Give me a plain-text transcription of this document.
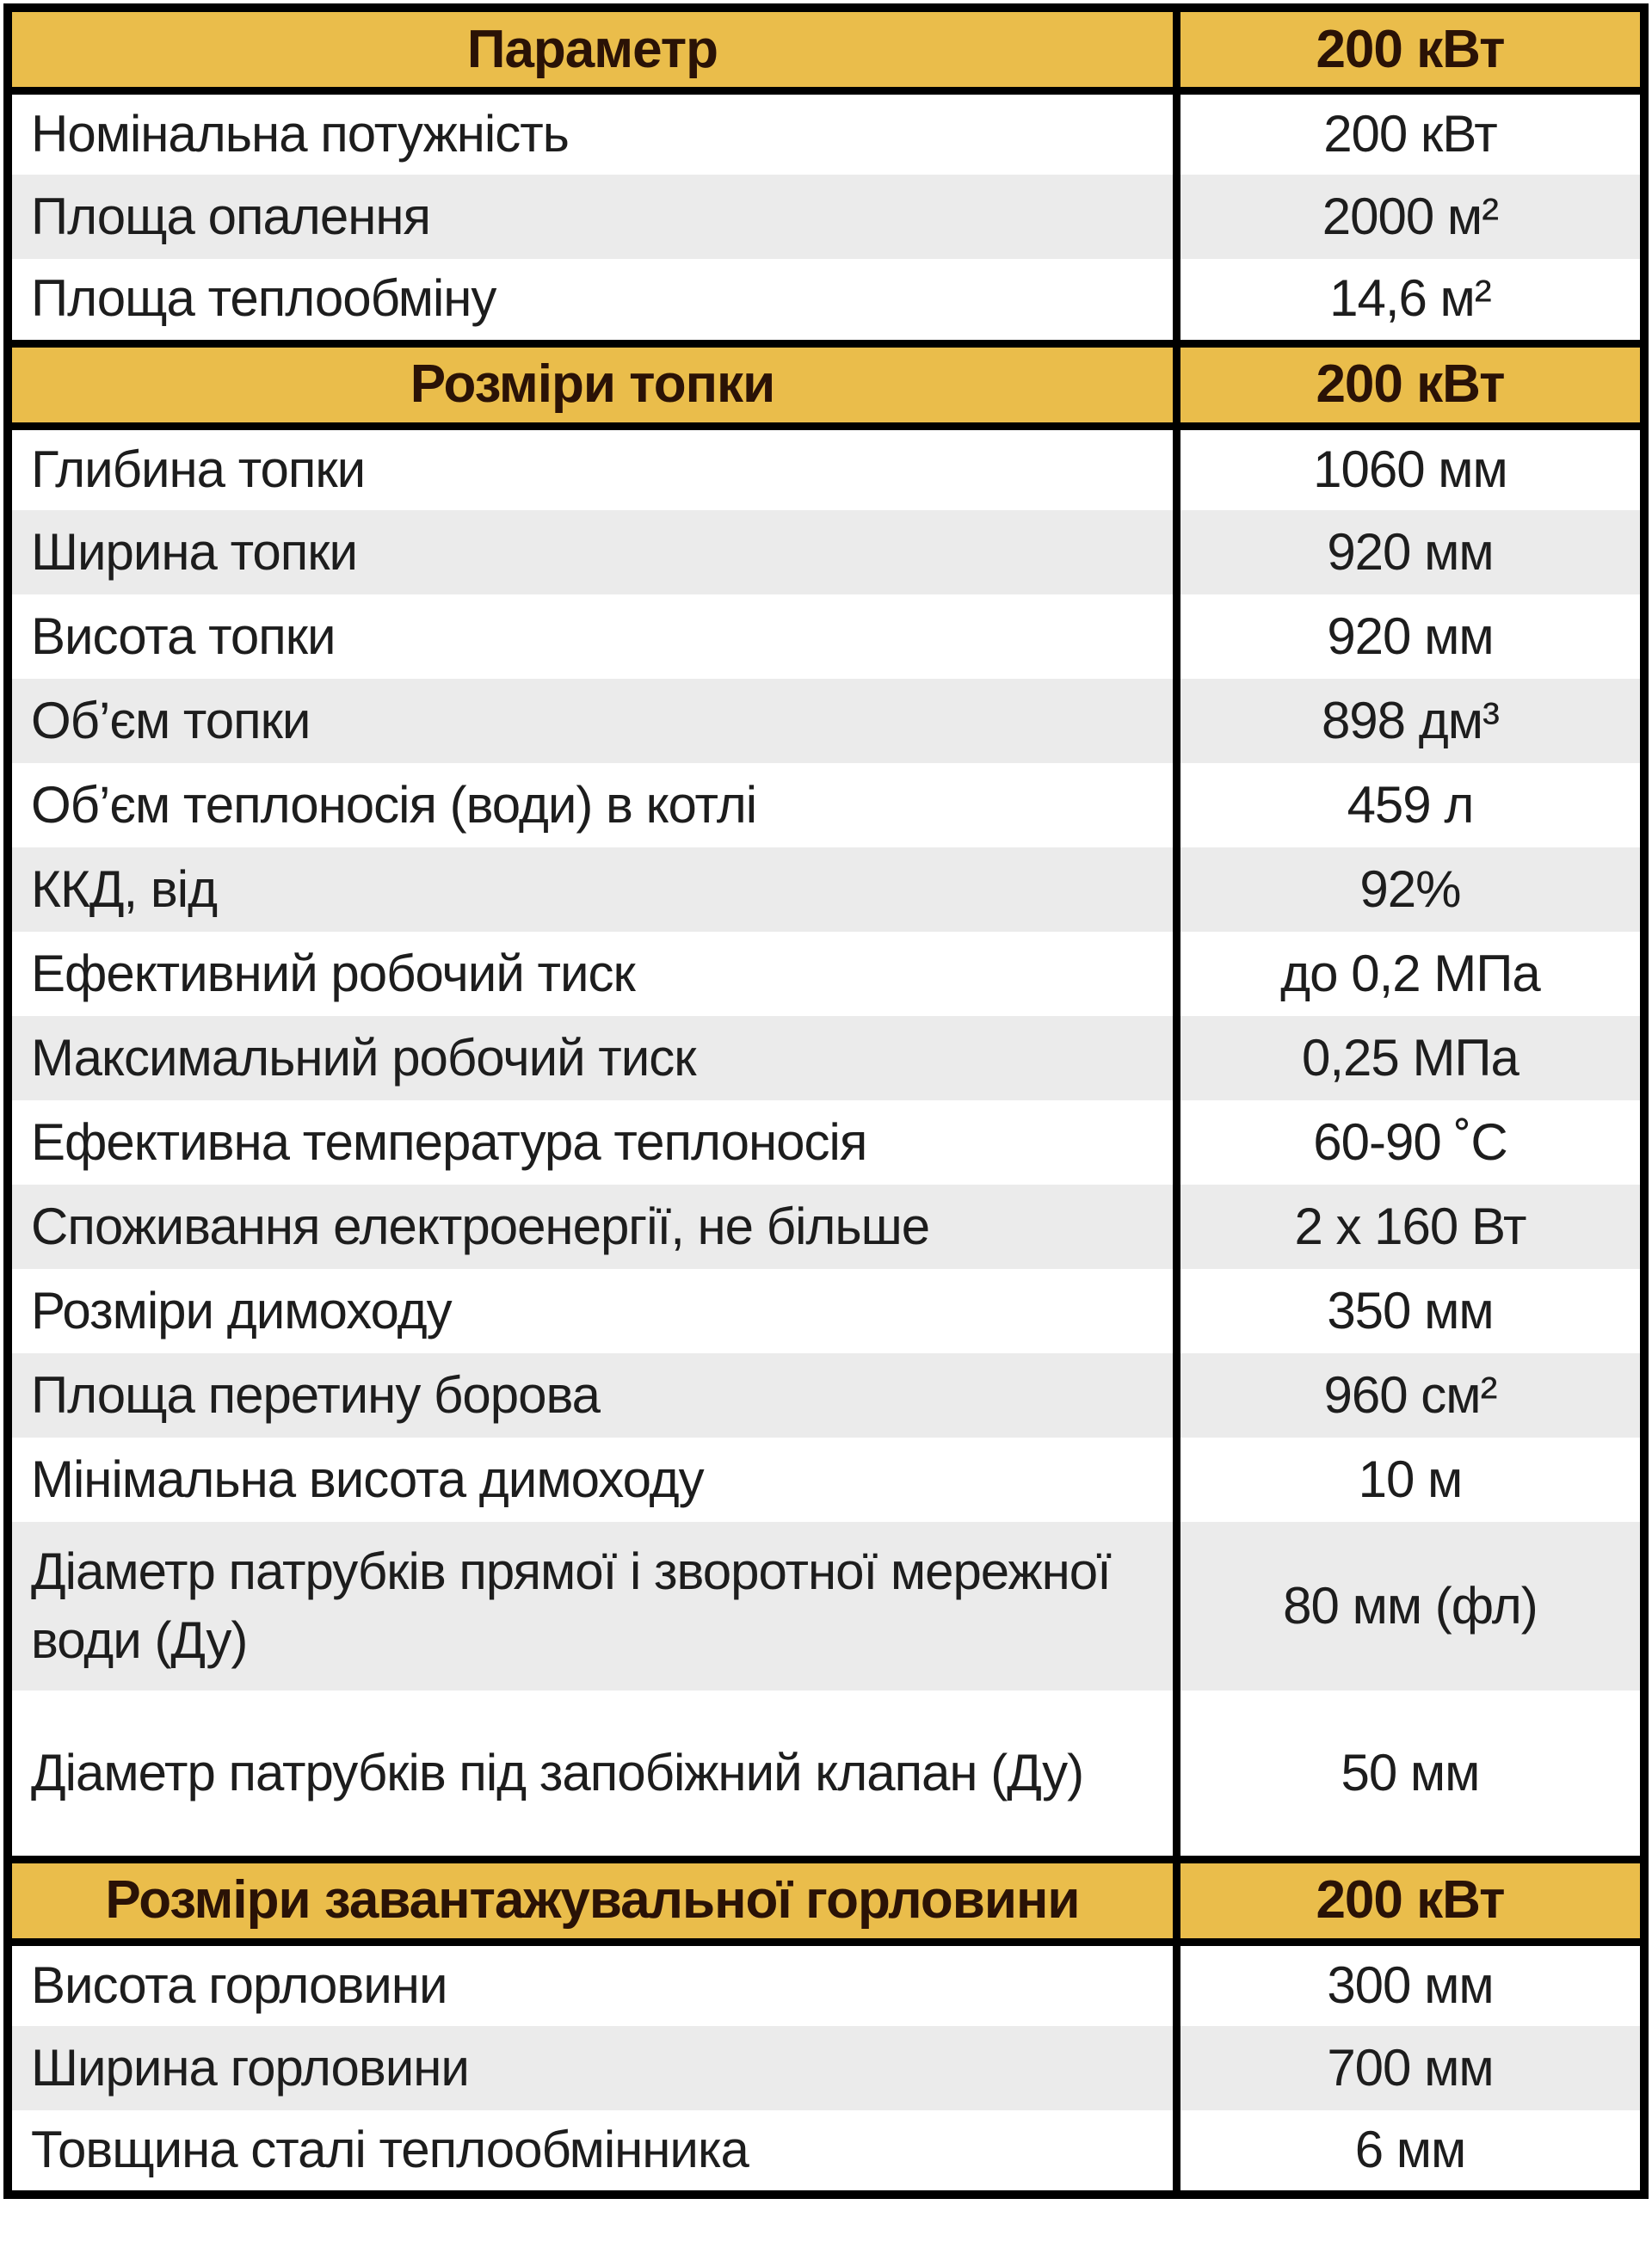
Параметр	200 кВт
Номінальна потужність	200 кВт
Площа опалення	2000 м²
Площа теплообміну	14,6 м²
Розміри топки	200 кВт
Глибина топки	1060 мм
Ширина топки	920 мм
Висота топки	920 мм
Об’єм топки	898 дм³
Об’єм теплоносія (води) в котлі	459 л
ККД, від	92%
Ефективний робочий тиск	до 0,2 МПа
Максимальний робочий тиск	0,25 МПа
Ефективна температура теплоносія	60-90 ˚С
Споживання електроенергії, не більше	2 х 160 Вт
Розміри димоходу	350 мм
Площа перетину борова	960 см²
Мінімальна висота димоходу	10 м
Діаметр патрубків прямої і зворотної мережної води (Ду)	80 мм (фл)
Діаметр патрубків під запобіжний клапан (Ду)	50 мм
Розміри завантажувальної горловини	200 кВт
Висота горловини	300 мм
Ширина горловини	700 мм
Товщина сталі теплообмінника	6 мм
